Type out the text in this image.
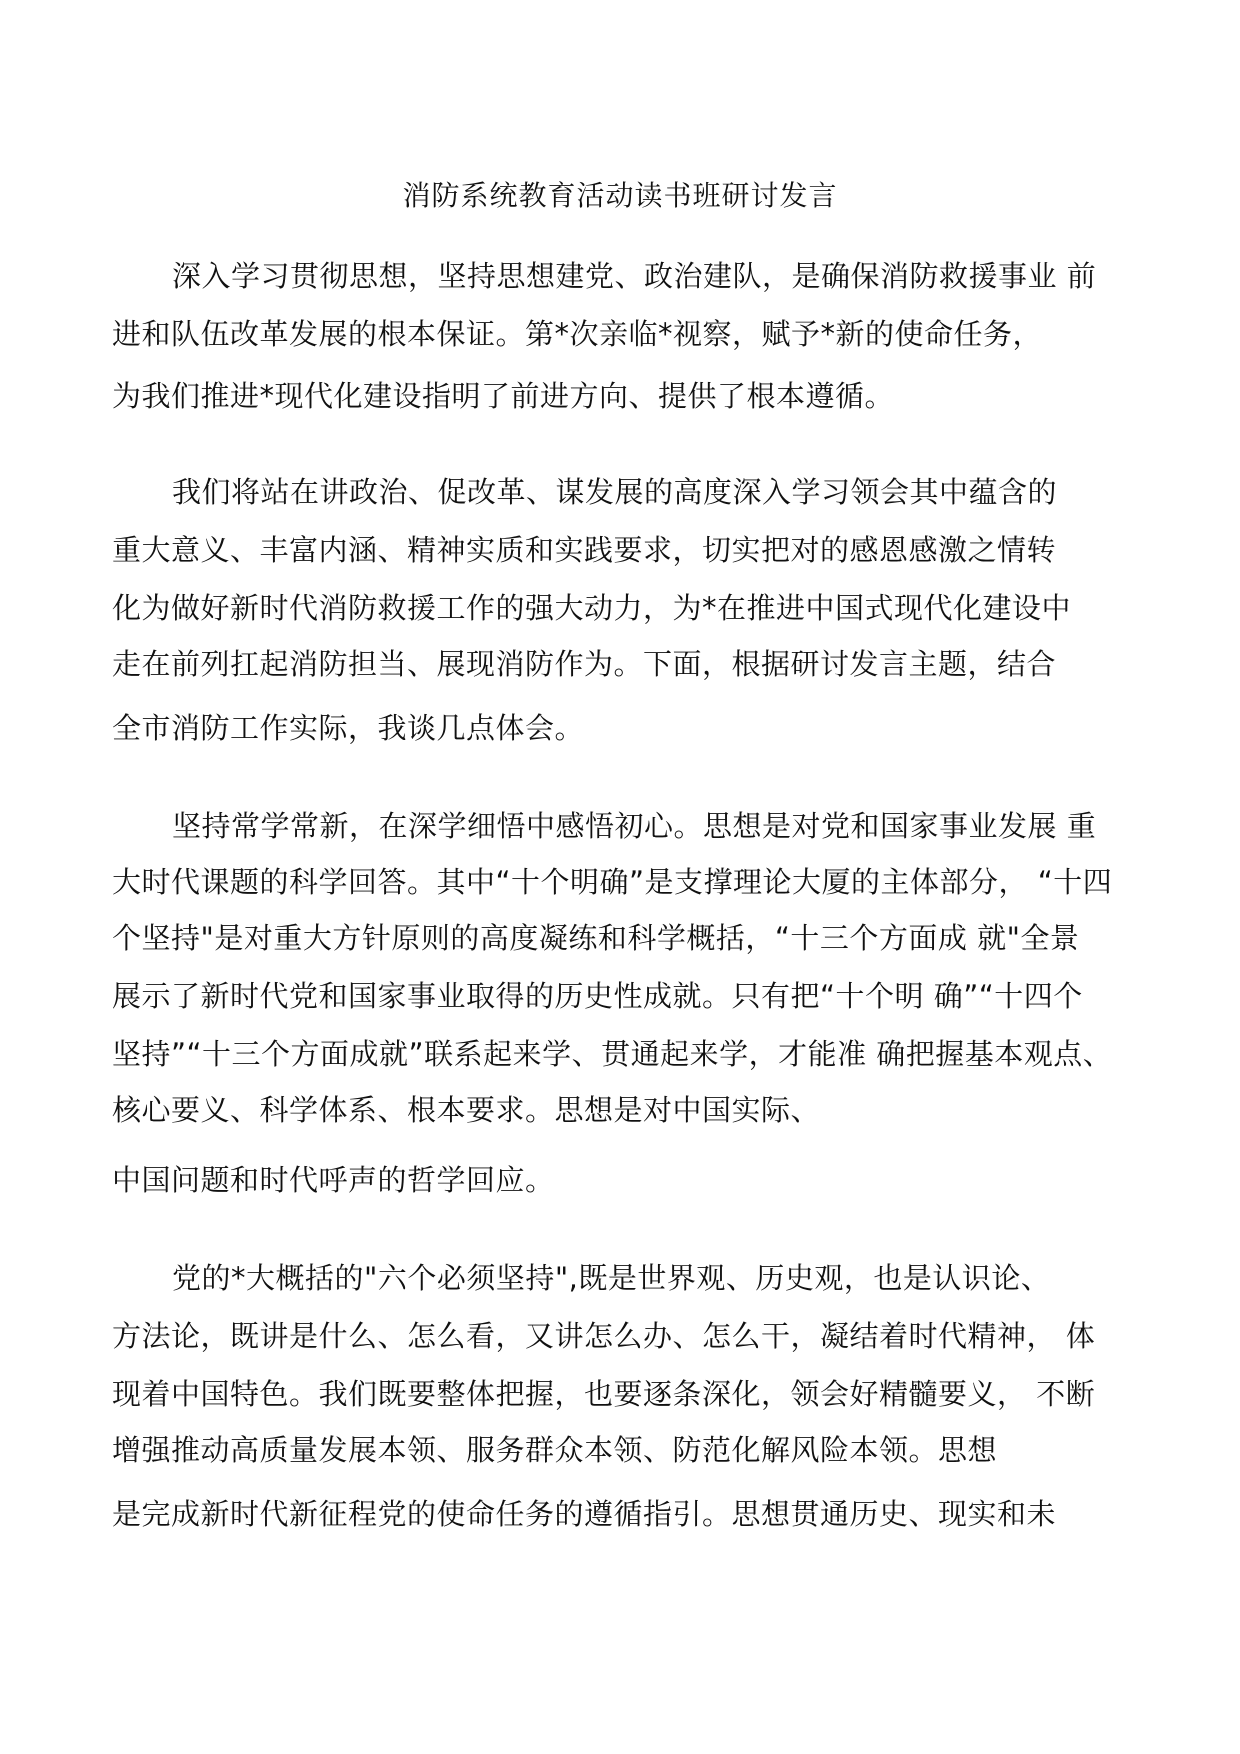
消防系统教育活动读书班研讨发言
深入学习贯彻思想，坚持思想建党、政治建队，是确保消防救援事业 前
进和队伍改革发展的根本保证。第*次亲临*视察，赋予*新的使命任务，
为我们推进*现代化建设指明了前进方向、提供了根本遵循。
我们将站在讲政治、促改革、谋发展的高度深入学习领会其中蕴含的
重大意义、丰富内涵、精神实质和实践要求，切实把对的感恩感激之情转
化为做好新时代消防救援工作的强大动力，为*在推进中国式现代化建设中
走在前列扛起消防担当、展现消防作为。下面，根据研讨发言主题，结合
全市消防工作实际，我谈几点体会。
坚持常学常新，在深学细悟中感悟初心。思想是对党和国家事业发展 重
大时代课题的科学回答。其中“十个明确”是支撑理论大厦的主体部分， “十四
个坚持"是对重大方针原则的高度凝练和科学概括，“十三个方面成 就"全景
展示了新时代党和国家事业取得的历史性成就。只有把“十个明 确”“十四个
坚持”“十三个方面成就”联系起来学、贯通起来学，才能准 确把握基本观点、
核心要义、科学体系、根本要求。思想是对中国实际、
中国问题和时代呼声的哲学回应。
党的*大概括的"六个必须坚持",既是世界观、历史观，也是认识论、
方法论，既讲是什么、怎么看，又讲怎么办、怎么干，凝结着时代精神， 体
现着中国特色。我们既要整体把握，也要逐条深化，领会好精髓要义， 不断
增强推动高质量发展本领、服务群众本领、防范化解风险本领。思想
是完成新时代新征程党的使命任务的遵循指引。思想贯通历史、现实和未
